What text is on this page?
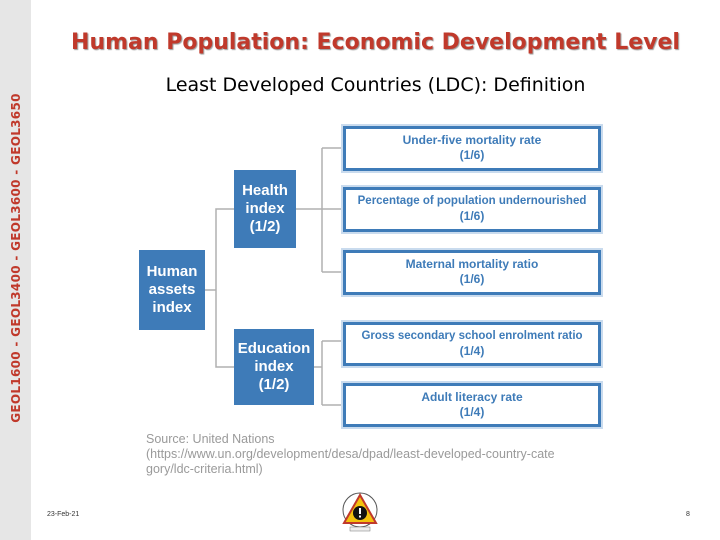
GEOL1600 - GEOL3400 - GEOL3600 - GEOL3650
Human Population: Economic Development Level
Least Developed Countries (LDC): Definition
Human
assets
index
Health
index
(1/2)
Education
index
(1/2)
Under-five mortality rate
(1/6)
Percentage of population undernourished
(1/6)
Maternal mortality ratio
(1/6)
Gross secondary school enrolment ratio
(1/4)
Adult literacy rate
(1/4)
Source: United Nations
(https://www.un.org/development/desa/dpad/least-developed-country-cate
gory/ldc-criteria.html)
23-Feb-21	8
